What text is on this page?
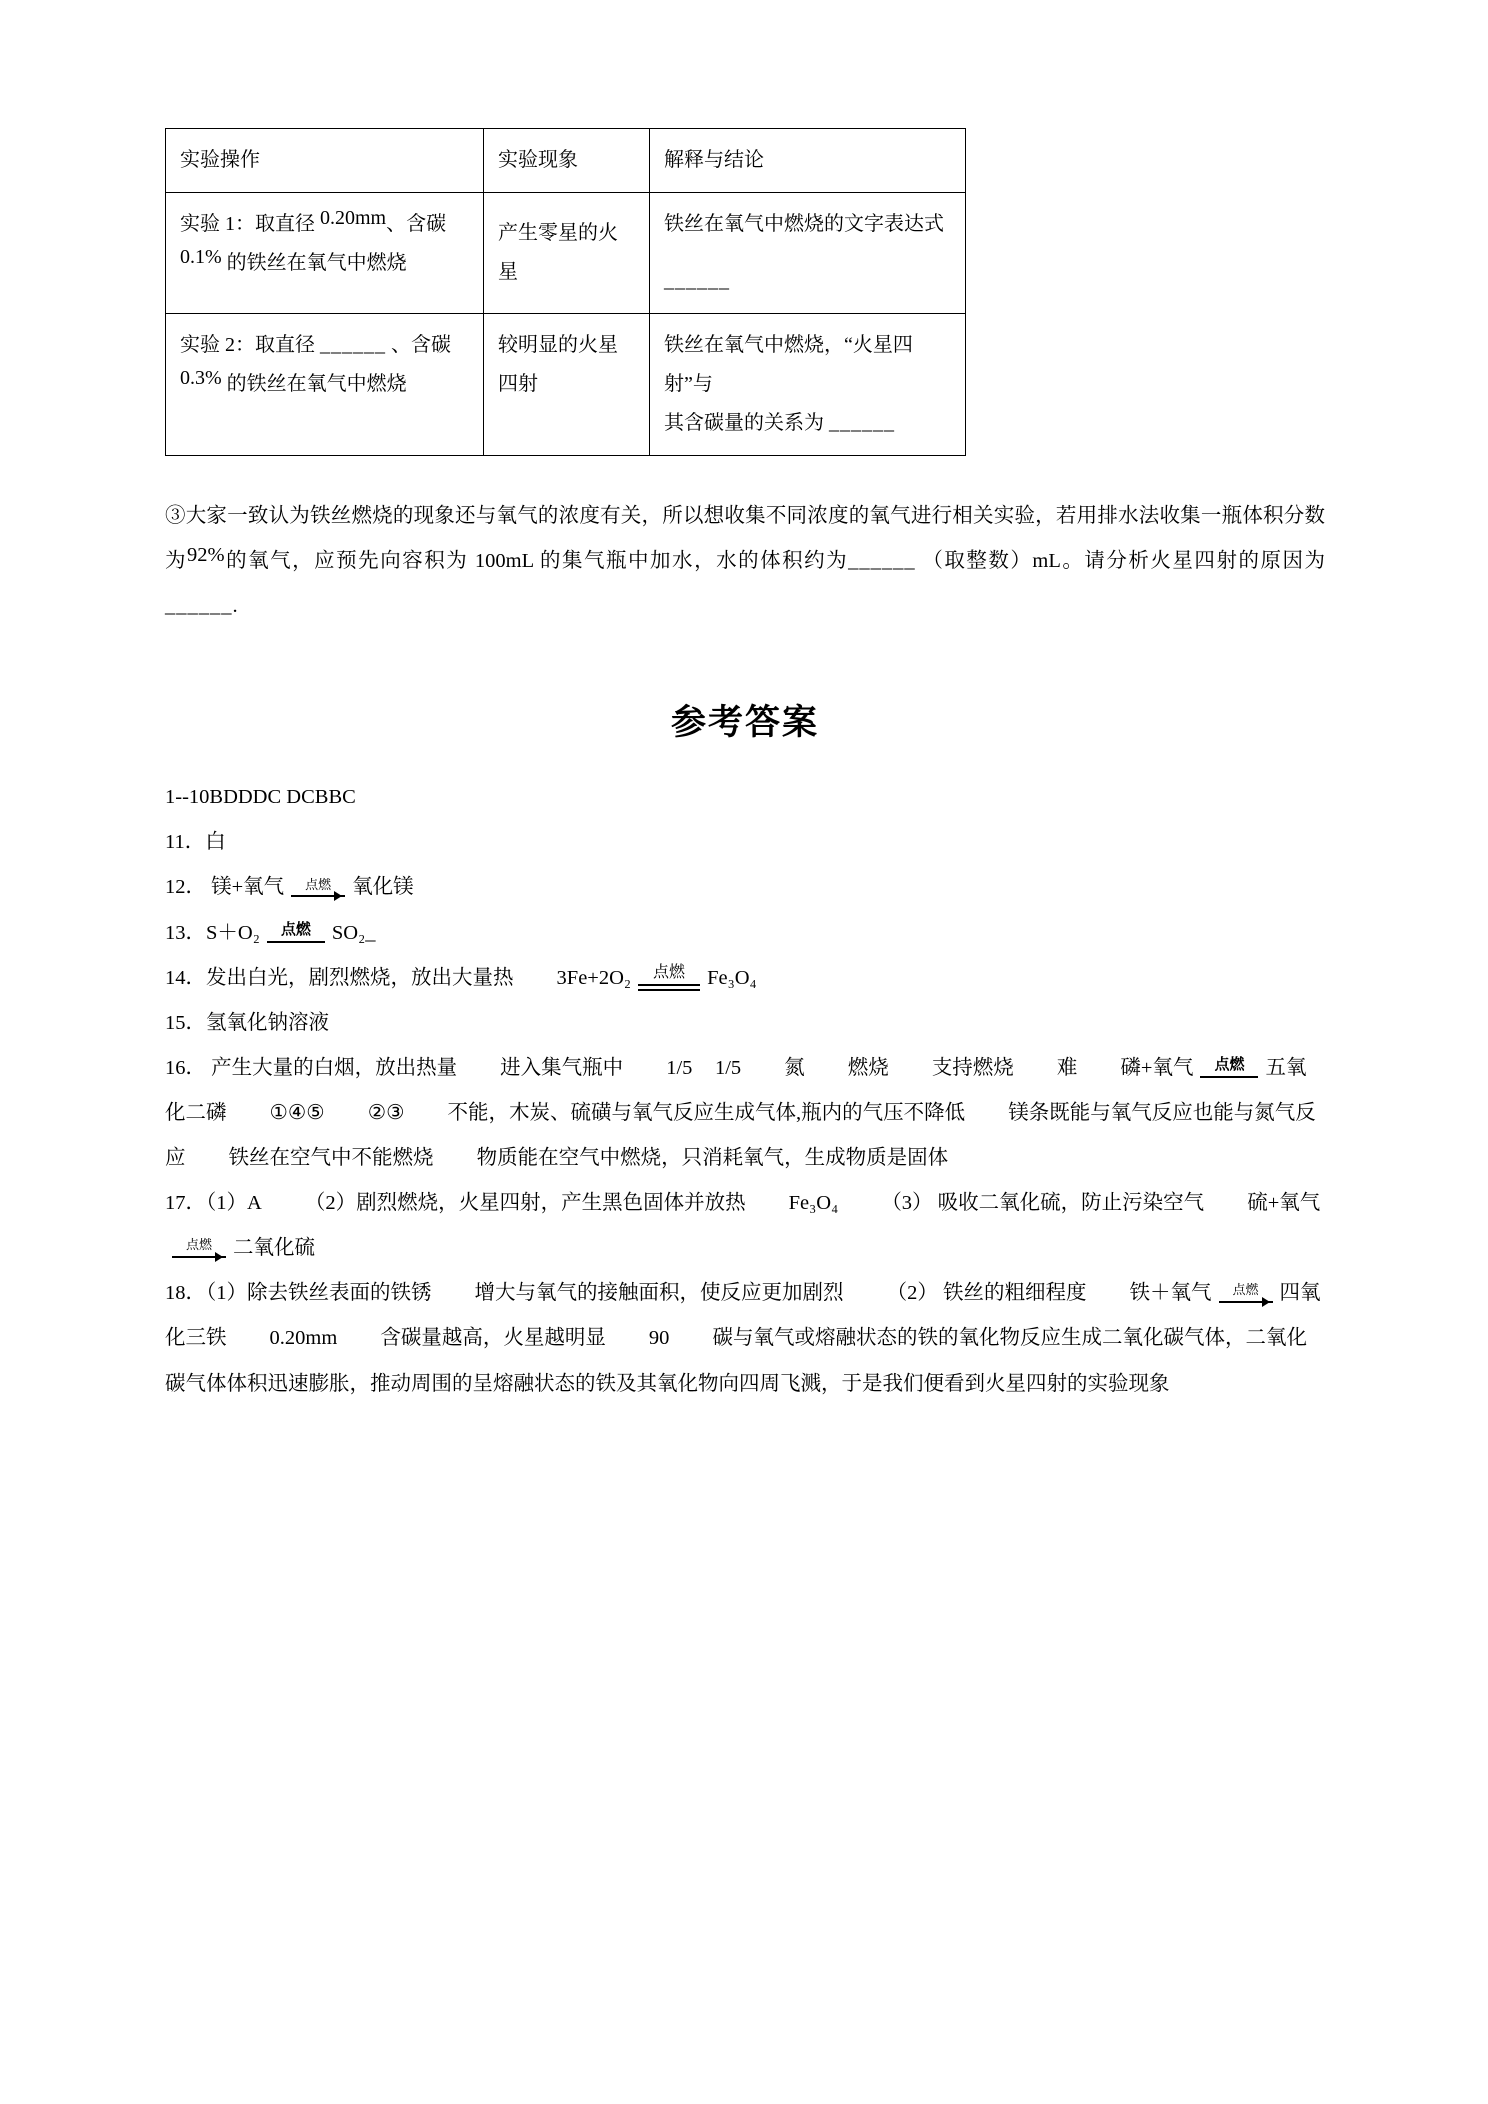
实验操作	实验现象	解释与结论
实验 1：取直径 0.20mm、含碳 0.1% 的铁丝在氧气中燃烧	产生零星的火星	铁丝在氧气中燃烧的文字表达式
______

实验 2：取直径 ______ 、含碳 0.3% 的铁丝在氧气中燃烧	较明显的火星四射	铁丝在氧气中燃烧，“火星四射”与
其含碳量的关系为 ______

③大家一致认为铁丝燃烧的现象还与氧气的浓度有关，所以想收集不同浓度的氧气进行相关实验，若用排水法收集一瓶体积分数为92%的氧气，应预先向容积为 100mL 的集气瓶中加水，水的体积约为______ （取整数）mL。请分析火星四射的原因为______.

参考答案

1--10BDDDC DCBBC

11．白

12． 镁+氧气 点燃 氧化镁

13．S＋O₂ 点燃 SO₂_

14．发出白光，剧烈燃烧，放出大量热 3Fe+2O₂ 点燃 Fe₃O₄

15．氢氧化钠溶液

16． 产生大量的白烟，放出热量 进入集气瓶中 1/5 1/5 氮 燃烧 支持燃烧 难 磷+氧气 点燃 五氧化二磷 ①④⑤ ②③ 不能，木炭、硫磺与氧气反应生成气体,瓶内的气压不降低 镁条既能与氧气反应也能与氮气反应 铁丝在空气中不能燃烧 物质能在空气中燃烧，只消耗氧气，生成物质是固体

17．（1）A （2）剧烈燃烧，火星四射，产生黑色固体并放热 Fe₃O₄ （3） 吸收二氧化硫，防止污染空气 硫+氧气
点燃 二氧化硫

18．（1）除去铁丝表面的铁锈 增大与氧气的接触面积，使反应更加剧烈 （2） 铁丝的粗细程度 铁＋氧气 点燃 四氧化三铁 0.20mm 含碳量越高，火星越明显 90 碳与氧气或熔融状态的铁的氧化物反应生成二氧化碳气体，二氧化碳气体体积迅速膨胀，推动周围的呈熔融状态的铁及其氧化物向四周飞溅，于是我们便看到火星四射的实验现象
